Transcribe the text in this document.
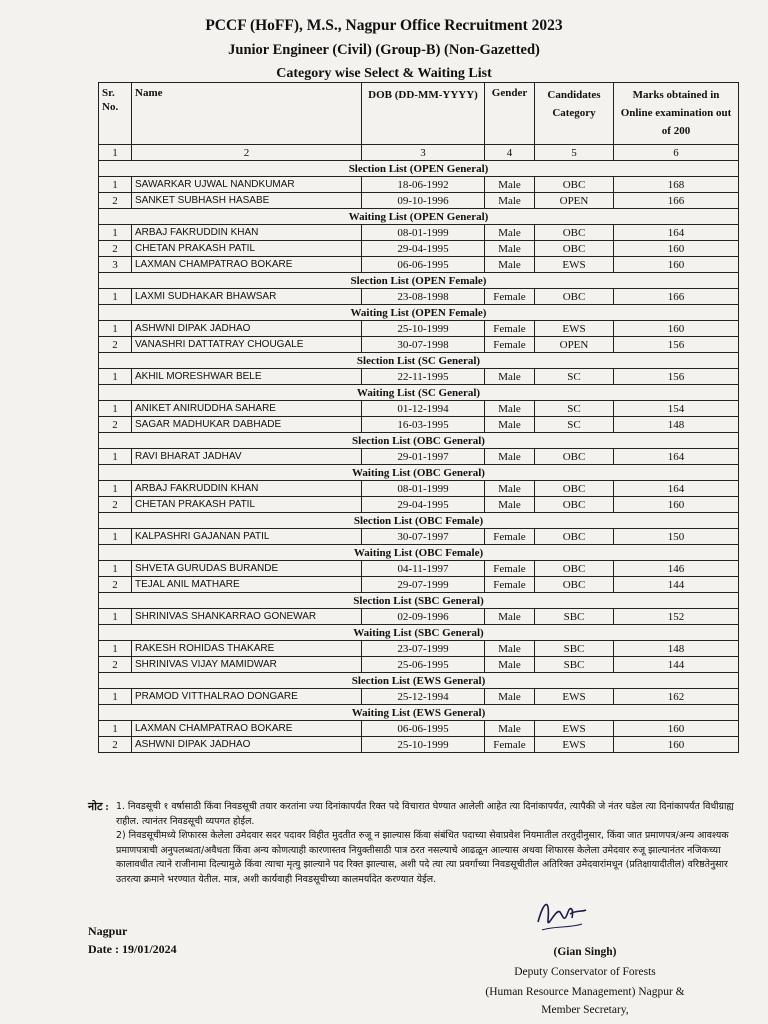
PCCF (HoFF), M.S., Nagpur Office Recruitment 2023
Junior Engineer (Civil) (Group-B) (Non-Gazetted)
Category wise Select & Waiting List
Sr. No.	Name	DOB (DD-MM-YYYY)	Gender	Candidates Category	Marks obtained in Online examination out of 200
1	2	3	4	5	6
Slection List (OPEN General)					
1	SAWARKAR UJWAL NANDKUMAR	18-06-1992	Male	OBC	168
2	SANKET SUBHASH HASABE	09-10-1996	Male	OPEN	166
Waiting List (OPEN General)					
1	ARBAJ FAKRUDDIN KHAN	08-01-1999	Male	OBC	164
2	CHETAN PRAKASH PATIL	29-04-1995	Male	OBC	160
3	LAXMAN CHAMPATRAO BOKARE	06-06-1995	Male	EWS	160
Slection List (OPEN Female)					
1	LAXMI SUDHAKAR BHAWSAR	23-08-1998	Female	OBC	166
Waiting List (OPEN Female)					
1	ASHWNI DIPAK JADHAO	25-10-1999	Female	EWS	160
2	VANASHRI DATTATRAY CHOUGALE	30-07-1998	Female	OPEN	156
Slection List (SC General)					
1	AKHIL MORESHWAR BELE	22-11-1995	Male	SC	156
Waiting List (SC General)					
1	ANIKET ANIRUDDHA SAHARE	01-12-1994	Male	SC	154
2	SAGAR MADHUKAR DABHADE	16-03-1995	Male	SC	148
Slection List (OBC General)					
1	RAVI BHARAT JADHAV	29-01-1997	Male	OBC	164
Waiting List (OBC General)					
1	ARBAJ FAKRUDDIN KHAN	08-01-1999	Male	OBC	164
2	CHETAN PRAKASH PATIL	29-04-1995	Male	OBC	160
Slection List (OBC Female)					
1	KALPASHRI GAJANAN PATIL	30-07-1997	Female	OBC	150
Waiting List (OBC Female)					
1	SHVETA GURUDAS BURANDE	04-11-1997	Female	OBC	146
2	TEJAL ANIL MATHARE	29-07-1999	Female	OBC	144
Slection List (SBC General)					
1	SHRINIVAS SHANKARRAO GONEWAR	02-09-1996	Male	SBC	152
Waiting List (SBC General)					
1	RAKESH ROHIDAS THAKARE	23-07-1999	Male	SBC	148
2	SHRINIVAS VIJAY MAMIDWAR	25-06-1995	Male	SBC	144
Slection List (EWS General)					
1	PRAMOD VITTHALRAO DONGARE	25-12-1994	Male	EWS	162
Waiting List (EWS General)					
1	LAXMAN CHAMPATRAO BOKARE	06-06-1995	Male	EWS	160
2	ASHWNI DIPAK JADHAO	25-10-1999	Female	EWS	160
नोट : 1. निवडसूची १ वर्षासाठी किंवा निवडसूची तयार करतांना ज्या दिनांकापर्यंत रिक्त पदे विचारात घेण्यात आलेली आहेत त्या दिनांकापर्यंत, त्यापैकी जे नंतर घडेल त्या दिनांकापर्यंत विधीग्राह्य राहील. त्यानंतर निवडसूची व्यपगत होईल.
2) निवडसूचीमध्ये शिफारस केलेला उमेदवार सदर पदावर विहीत मुदतीत रुजू न झाल्यास किंवा संबंधित पदाच्या सेवाप्रवेश नियमातील तरतुदीनुसार, किंवा जात प्रमाणपत्र/अन्य आवश्यक प्रमाणपत्राची अनुपलब्धता/अवैधता किंवा अन्य कोणत्याही कारणास्तव नियुक्तीसाठी पात्र ठरत नसल्याचे आढळून आल्यास अथवा शिफारस केलेला उमेदवार रुजू झाल्यानंतर नजिकच्या कालावधीत त्याने राजीनामा दिल्यामुळे किंवा त्याचा मृत्यु झाल्याने पद रिक्त झाल्यास, अशी पदे त्या त्या प्रवर्गाच्या निवडसूचीतील अतिरिक्त उमेदवारांमधून (प्रतिक्षायादीतील) वरिष्ठतेनुसार उतरत्या क्रमाने भरण्यात येतील. मात्र, अशी कार्यवाही निवडसूचीच्या कालमर्यादेत करण्यात येईल.
Nagpur
Date : 19/01/2024	(Gian Singh)
Deputy Conservator of Forests
(Human Resource Management) Nagpur &
Member Secretary,
